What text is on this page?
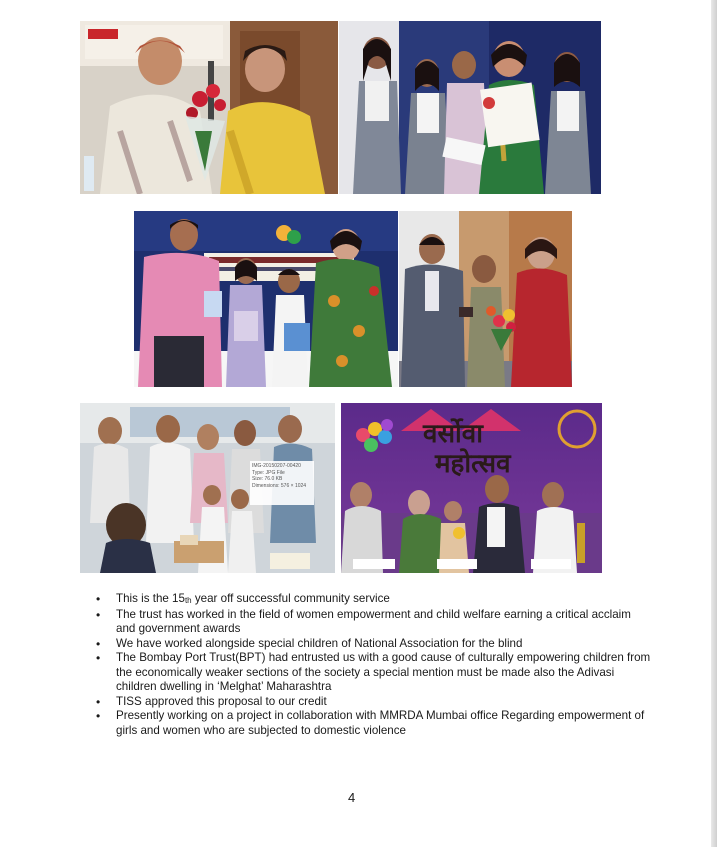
IMG-20150207-00420
Type: JPG File
Size: 76.0 KB
Dimensions: 576 × 1024
वर्सोवा
महोत्सव
• This is the 15th year off successful community service
• The trust has worked in the field of women empowerment and child welfare earning a critical acclaim and government awards
• We have worked alongside special children of National Association for the blind
• The Bombay Port Trust(BPT) had entrusted us with a good cause of culturally empowering children from the economically weaker sections of the society a special mention must be made also the Adivasi children dwelling in ‘Melghat’ Maharashtra
• TISS approved this proposal to our credit
• Presently working on a project in collaboration with MMRDA Mumbai office Regarding empowerment of girls and women who are subjected to domestic violence
4
